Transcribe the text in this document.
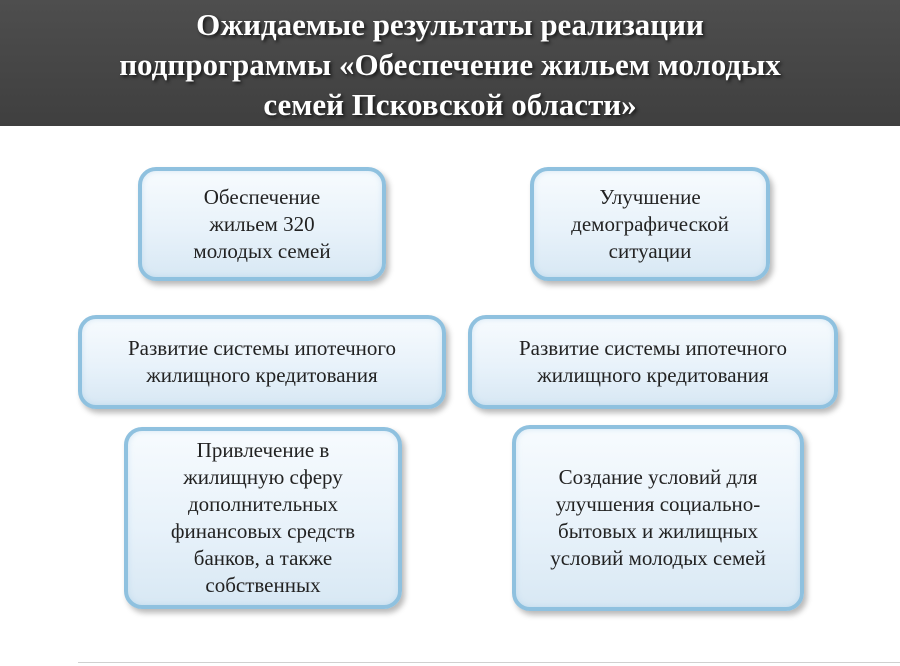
Ожидаемые результаты реализации
подпрограммы «Обеспечение жильем молодых
семей Псковской области»
Обеспечение
жильем 320
молодых семей
Улучшение
демографической
ситуации
Развитие системы ипотечного
жилищного кредитования
Развитие системы ипотечного
жилищного кредитования
Привлечение в
жилищную сферу
дополнительных
финансовых средств
банков, а также
собственных
Создание условий для
улучшения социально-
бытовых и жилищных
условий молодых семей
